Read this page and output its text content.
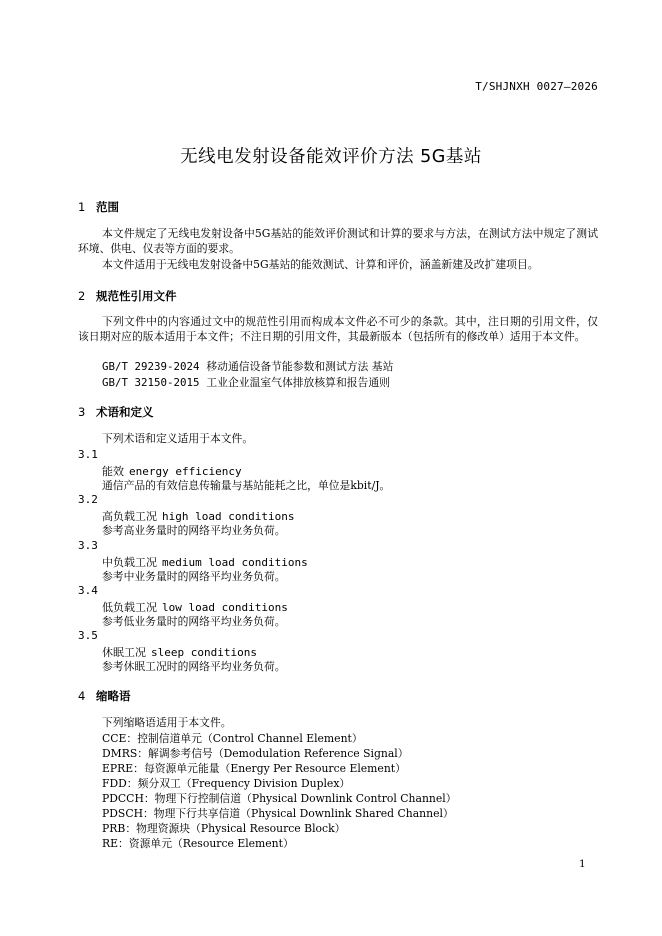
T/SHJNXH 0027—2026
无线电发射设备能效评价方法 5G基站
1 范围
本文件规定了无线电发射设备中5G基站的能效评价测试和计算的要求与方法，在测试方法中规定了测试环境、供电、仪表等方面的要求。
本文件适用于无线电发射设备中5G基站的能效测试、计算和评价，涵盖新建及改扩建项目。
2 规范性引用文件
下列文件中的内容通过文中的规范性引用而构成本文件必不可少的条款。其中，注日期的引用文件，仅该日期对应的版本适用于本文件；不注日期的引用文件，其最新版本（包括所有的修改单）适用于本文件。
GB/T 29239-2024 移动通信设备节能参数和测试方法 基站
GB/T 32150-2015 工业企业温室气体排放核算和报告通则
3 术语和定义
下列术语和定义适用于本文件。
3.1
能效 energy efficiency
通信产品的有效信息传输量与基站能耗之比，单位是kbit/J。
3.2
高负载工况 high load conditions
参考高业务量时的网络平均业务负荷。
3.3
中负载工况 medium load conditions
参考中业务量时的网络平均业务负荷。
3.4
低负载工况 low load conditions
参考低业务量时的网络平均业务负荷。
3.5
休眠工况 sleep conditions
参考休眠工况时的网络平均业务负荷。
4 缩略语
下列缩略语适用于本文件。
CCE：控制信道单元（Control Channel Element）
DMRS：解调参考信号（Demodulation Reference Signal）
EPRE：每资源单元能量（Energy Per Resource Element）
FDD：频分双工（Frequency Division Duplex）
PDCCH：物理下行控制信道（Physical Downlink Control Channel）
PDSCH：物理下行共享信道（Physical Downlink Shared Channel）
PRB：物理资源块（Physical Resource Block）
RE：资源单元（Resource Element）
1
